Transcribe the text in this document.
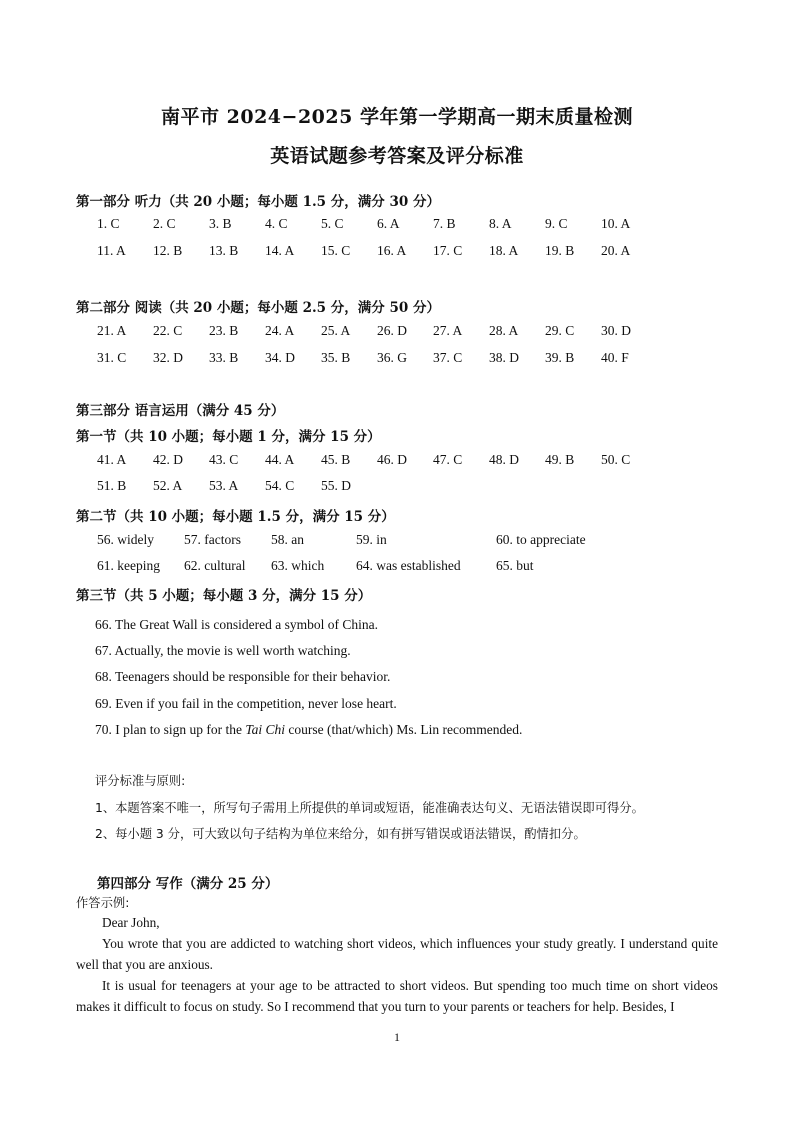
南平市 2024−2025 学年第一学期高一期末质量检测
英语试题参考答案及评分标准
第一部分 听力（共 20 小题；每小题 1.5 分，满分 30 分）
1. C 2. C 3. B 4. C 5. C 6. A 7. B 8. A 9. C 10. A
11. A 12. B 13. B 14. A 15. C 16. A 17. C 18. A 19. B 20. A
第二部分 阅读（共 20 小题；每小题 2.5 分，满分 50 分）
21. A 22. C 23. B 24. A 25. A 26. D 27. A 28. A 29. C 30. D
31. C 32. D 33. B 34. D 35. B 36. G 37. C 38. D 39. B 40. F
第三部分 语言运用（满分 45 分）
第一节（共 10 小题；每小题 1 分，满分 15 分）
41. A 42. D 43. C 44. A 45. B 46. D 47. C 48. D 49. B 50. C
51. B 52. A 53. A 54. C 55. D
第二节（共 10 小题；每小题 1.5 分，满分 15 分）
56. widely 57. factors 58. an	59. in	60. to appreciate
61. keeping 62. cultural 63. which 64. was established	65. but
第三节（共 5 小题；每小题 3 分，满分 15 分）
66. The Great Wall is considered a symbol of China.
67. Actually, the movie is well worth watching.
68. Teenagers should be responsible for their behavior.
69. Even if you fail in the competition, never lose heart.
70. I plan to sign up for the Tai Chi course (that/which) Ms. Lin recommended.
评分标准与原则:
1、本题答案不唯一，所写句子需用上所提供的单词或短语，能准确表达句义、无语法错误即可得分。
2、每小题 3 分，可大致以句子结构为单位来给分，如有拼写错误或语法错误，酌情扣分。
第四部分 写作（满分 25 分）
作答示例:
Dear John,
You wrote that you are addicted to watching short videos, which influences your study greatly. I understand quite well that you are anxious.
It is usual for teenagers at your age to be attracted to short videos. But spending too much time on short videos makes it difficult to focus on study. So I recommend that you turn to your parents or teachers for help. Besides, I
1
